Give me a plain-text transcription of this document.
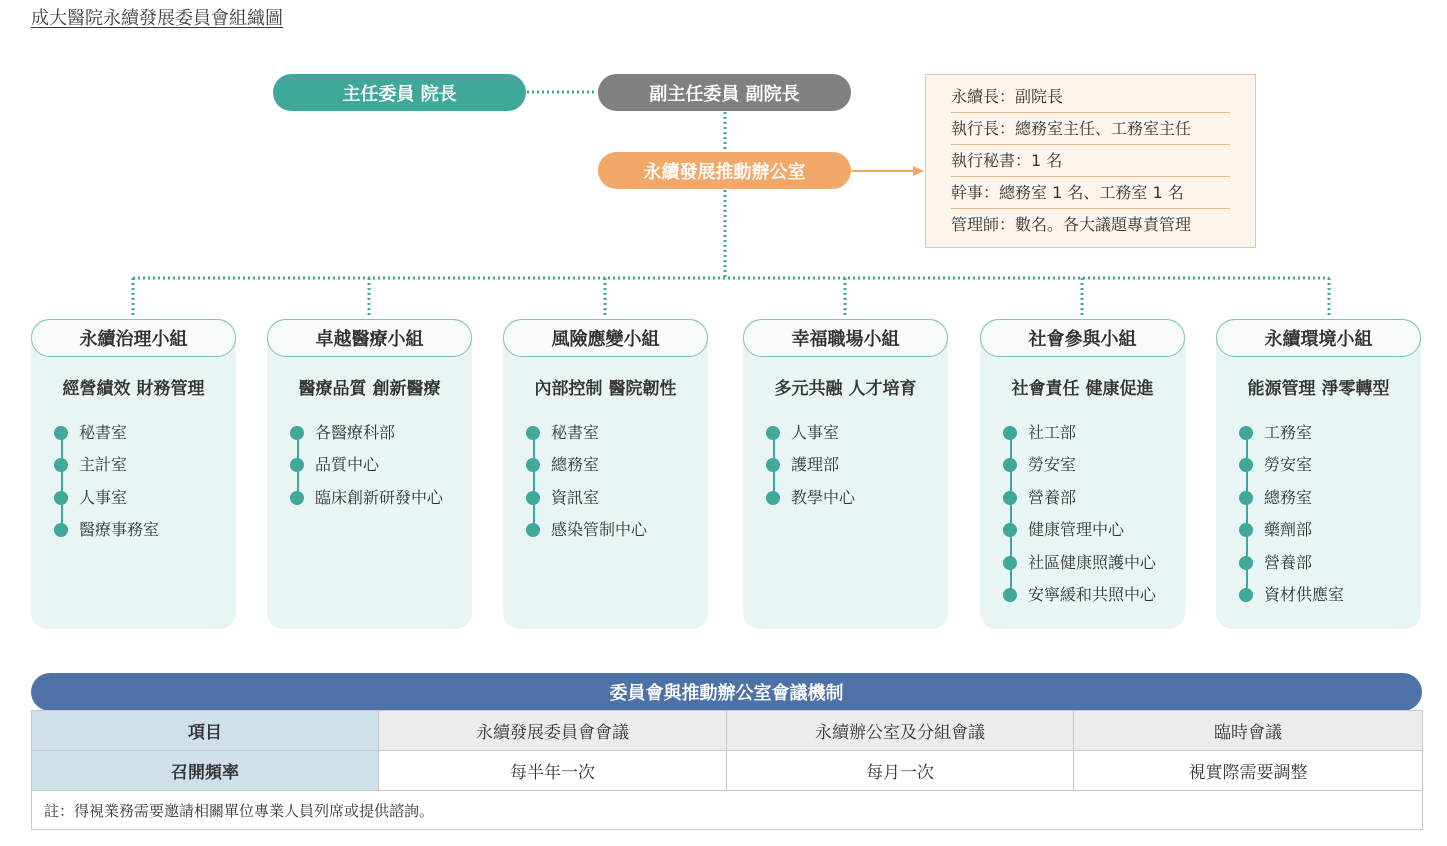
成大醫院永續發展委員會組織圖
主任委員 院長	副主任委員 副院長
永續發展推動辦公室
永續長：副院長
執行長：總務室主任、工務室主任
執行秘書：1 名
幹事：總務室 1 名、工務室 1 名
管理師：數名。各大議題專責管理
永續治理小組
經營績效 財務管理
秘書室
主計室
人事室
醫療事務室
卓越醫療小組
醫療品質 創新醫療
各醫療科部
品質中心
臨床創新研發中心
風險應變小組
內部控制 醫院韌性
秘書室
總務室
資訊室
感染管制中心
幸福職場小組
多元共融 人才培育
人事室
護理部
教學中心
社會參與小組
社會責任 健康促進
社工部
勞安室
營養部
健康管理中心
社區健康照護中心
安寧緩和共照中心
永續環境小組
能源管理 淨零轉型
工務室
勞安室
總務室
藥劑部
營養部
資材供應室
委員會與推動辦公室會議機制
項目	永續發展委員會會議	永續辦公室及分組會議	臨時會議
召開頻率	每半年一次	每月一次	視實際需要調整
註：得視業務需要邀請相關單位專業人員列席或提供諮詢。			
